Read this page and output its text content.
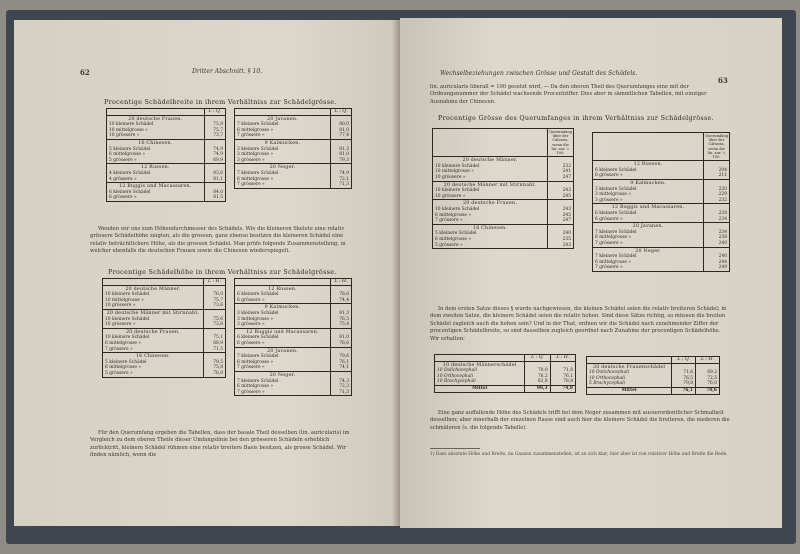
62	Dritter Abschnitt. § 10.
Procentige Schädelbreite in ihrem Verhältniss zur Schädelgrösse.
	L : Q.
20 deutsche Frauen.	
10 kleinere Schädel	75,8
10 mittelgrosse »	75,7
10 grössere »	73,7
16 Chinesen.	
5 kleinere Schädel	74,9
6 mittelgrosse »	74,9
5 grössere »	69,9
12 Russen.	
4 kleinere Schädel	83,6
4 grössere »	81,1
12 Buggis und Macassaren.	
6 kleinere Schädel	84,0
6 grössere »	81,5
	L : Q.
20 Javanen.	
7 kleinere Schädel	80,0
6 mittelgrosse »	81,0
7 grössere »	77,4
9 Kalmucken.	
3 kleinere Schädel	81,3
3 mittelgrosse »	81,0
3 grössere »	79,3
20 Neger.	
7 kleinere Schädel	74,9
6 mittelgrosse »	72,1
7 grössere »	71,3

Wenden wir uns zum Höhendurchmesser des Schädels. Wie die kleineren Skelete eine relativ grössere Schädelhöhe zeigten, als die grossen, ganz ebenso besitzen die kleineren Schädel eine relativ beträchtlichere Höhe, als die grossen Schädel. Man prüfe folgende Zusammenstellung, in welcher ebenfalls die deutschen Frauen sowie die Chinesen wiederspiegelt.

Procentige Schädelhöhe in ihrem Verhältniss zur Schädelgrösse.
	L : H.
20 deutsche Männer.	
10 kleinere Schädel	76,0
10 mittelgrosse »	75,7
10 grössere »	73,6
20 deutsche Männer mit Stirnnaht.	
10 kleinere Schädel	75,6
10 grössere »	73,8
20 deutsche Frauen.	
10 kleinere Schädel	75,1
6 mittelgrosse »	68,9
7 grössere »	71,5
16 Chinesen.	
5 kleinere Schädel	79,5
6 mittelgrosse »	75,8
5 grössere »	76,0
	L : H.
12 Russen.	
6 kleinere Schädel	76,6
6 grössere »	74,4
9 Kalmucken.	
3 kleinere Schädel	81,3
3 mittelgrosse »	76,5
3 grössere »	75,4
12 Buggis und Macassaren.	
6 kleinere Schädel	81,0
6 grössere »	76,6
20 Javanen.	
7 kleinere Schädel	79,6
6 mittelgrosse »	76,1
7 grössere »	74,1
20 Neger.	
7 kleinere Schädel	74,3
6 mittelgrosse »	72,3
7 grössere »	71,3

Für den Querumfang ergeben die Tabellen, dass der basale Theil desselben (lin. auricularis) im Vergleich zu dem oberen Theile dieser Umfangslinie bei den grösseren Schädeln erheblich zurücktritt, kleinere Schädel rühmen eine relativ breitere Basis besitzen, als grosse Schädel. Wir finden nämlich, wenn die

Wechselbeziehungen zwischen Grösse und Gestalt des Schädels.
63

lin. auricularis überall = 100 gesetzt wird, — Da den oberen Theil des Querumfanges eine mit der Ordnungsnummer der Schädel wachsende Procentziffer. Dies aber in sämmtlichen Tabellen, mit einziger Ausnahme der Chinesen.

Procentige Grösse des Querumfanges in ihrem Verhältniss zur Schädelgrösse.
	Querumfang über der Calvaria, wenn die lin. aur. = 100.
20 deutsche Männer.	
10 kleinere Schädel	232
10 mittelgrosse »	241
10 grössere »	247
20 deutsche Männer mit Stirnnaht.	
10 kleinere Schädel	243
10 grössere »	245
20 deutsche Frauen.	
10 kleinere Schädel	243
6 mittelgrosse »	245
7 grössere »	247
16 Chinesen.	
5 kleinere Schädel	240
6 mittelgrosse »	235
5 grössere »	243
	Querumfang über der Calvaria, wenn die lin. aur. = 100.
12 Russen.	
6 kleinere Schädel	204
6 grössere »	211
9 Kalmucken.	
3 kleinere Schädel	220
3 mittelgrosse »	229
3 grössere »	232
12 Buggis und Macassaren.	
6 kleinere Schädel	228
6 grössere »	234
20 Javanen.	
7 kleinere Schädel	234
6 mittelgrosse »	238
7 grössere »	240
20 Neger.	
7 kleinere Schädel	240
6 mittelgrosse »	244
7 grössere »	249

In dem ersten Satze dieses § wurde nachgewiesen, die kleinen Schädel seien die relativ breiteren Schädel; in dem zweiten Satze, die kleinere Schädel seien die relativ hohen. Sind diese Sätze richtig, so müssen die breiten Schädel zugleich auch die hohen sein? Und in der That, ordnen wir die Schädel nach zunehmender Ziffer der procentigen Schädelbreite, so sind dasselben zugleich geordnet nach Zunahme der procentigen Schädelhöhe. Wir erhalten:

	L : Q.	L : H.
10 deutsche Männerschädel		
10 Dolichocephali	70,0	71,8
10 Orthocephali	76,2	76,1
10 Brachycephali	82,8	78,8
Mittel	96,3	74,8
	L : Q.	L : H.
20 deutsche Frauenschädel		
10 Dolichocephali	71,6	69,2
10 Orthocephali	76,5	72,5
5 Brachycephali	79,8	76,0
Mittel	76,1	70,6

Eine ganz auffallende Höhe des Schädels trifft bei dem Neger zusammen mit ausserordentlicher Schmalheit desselben; aber innerhalb der einzelnen Rasse sind auch hier die kleinere Schädel die breiteren, die niederen die schmäleren (s. die folgende Tabelle).

1) Dass absolute Höhe und Breite, im Ganzen zusammenstellen, ist an sich klar; hier aber ist von relativer Höhe und Breite die Rede.
